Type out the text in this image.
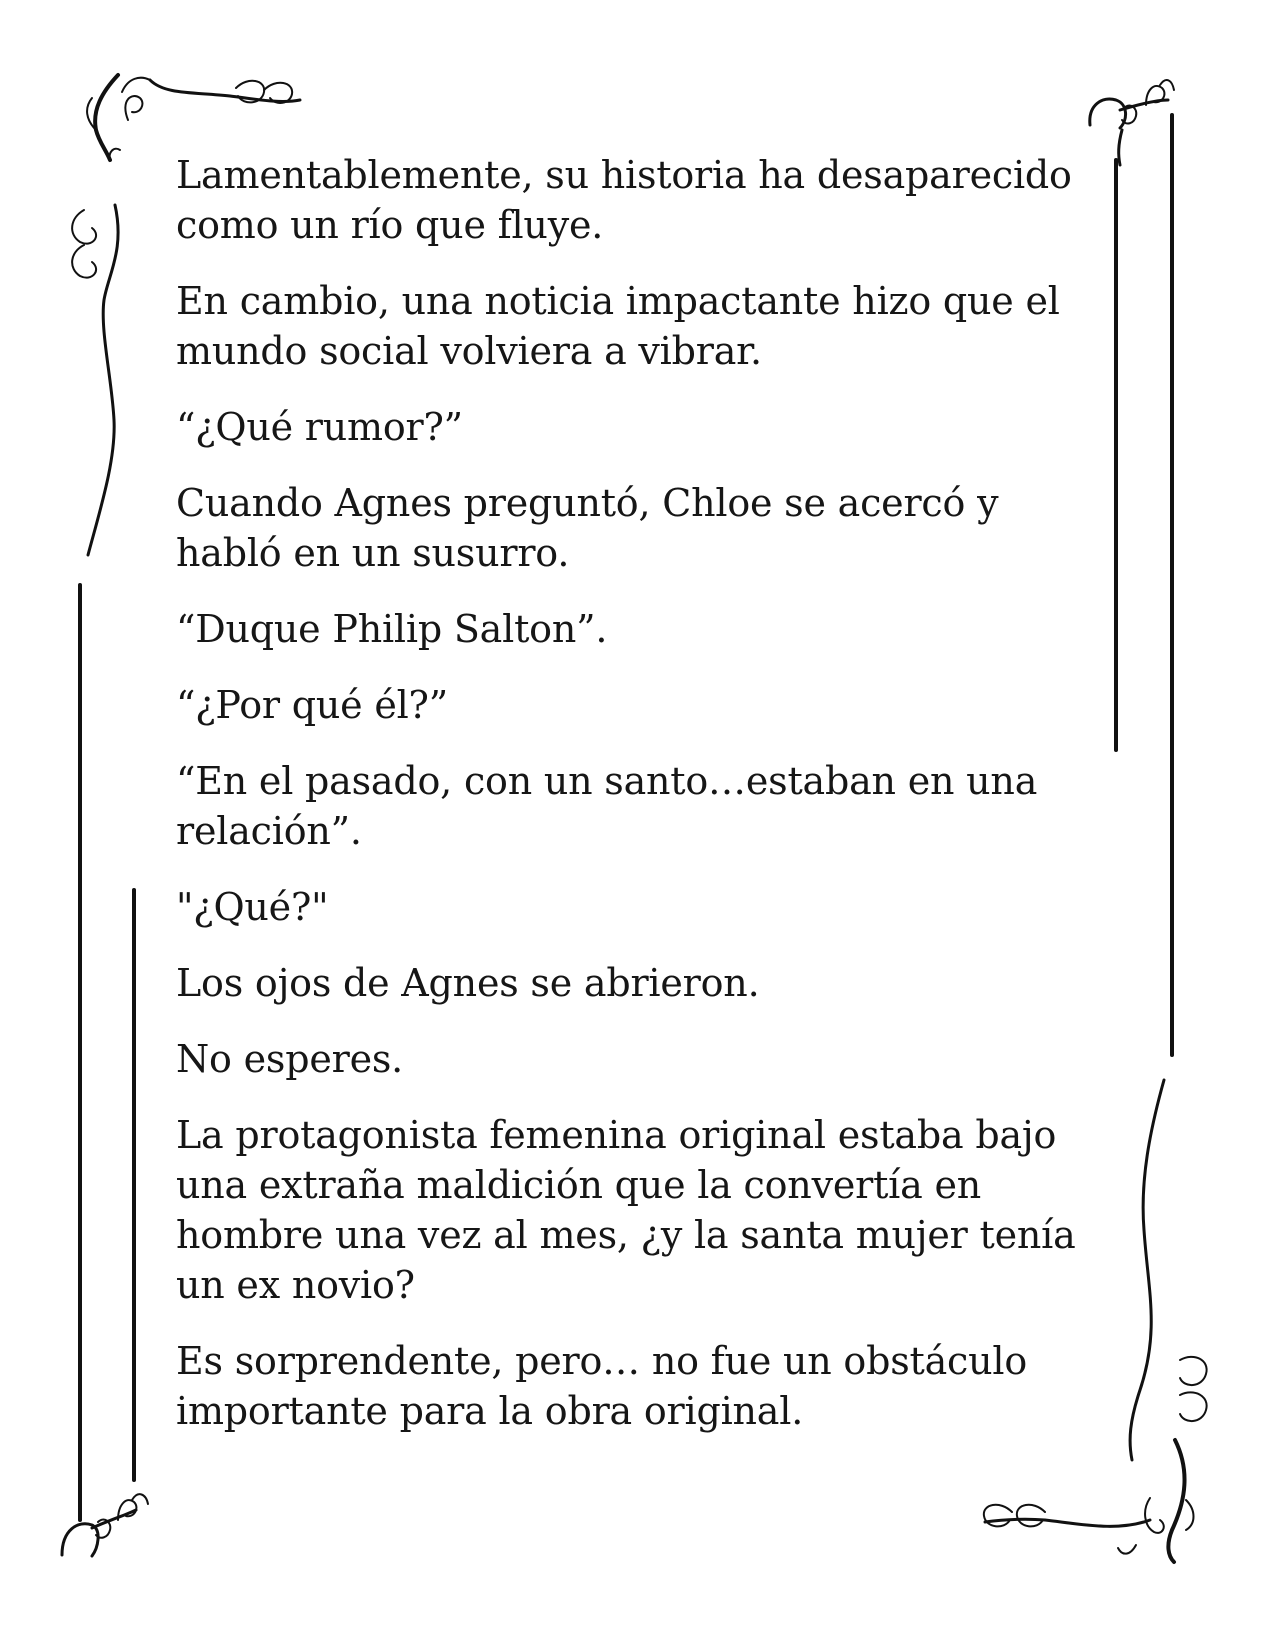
Lamentablemente, su historia ha desaparecido como un río que fluye.

En cambio, una noticia impactante hizo que el mundo social volviera a vibrar.

“¿Qué rumor?”

Cuando Agnes preguntó, Chloe se acercó y habló en un susurro.

“Duque Philip Salton”.

“¿Por qué él?”

“En el pasado, con un santo…estaban en una relación”.

"¿Qué?"

Los ojos de Agnes se abrieron.

No esperes.

La protagonista femenina original estaba bajo una extraña maldición que la convertía en hombre una vez al mes, ¿y la santa mujer tenía un ex novio?

Es sorprendente, pero… no fue un obstáculo importante para la obra original.
